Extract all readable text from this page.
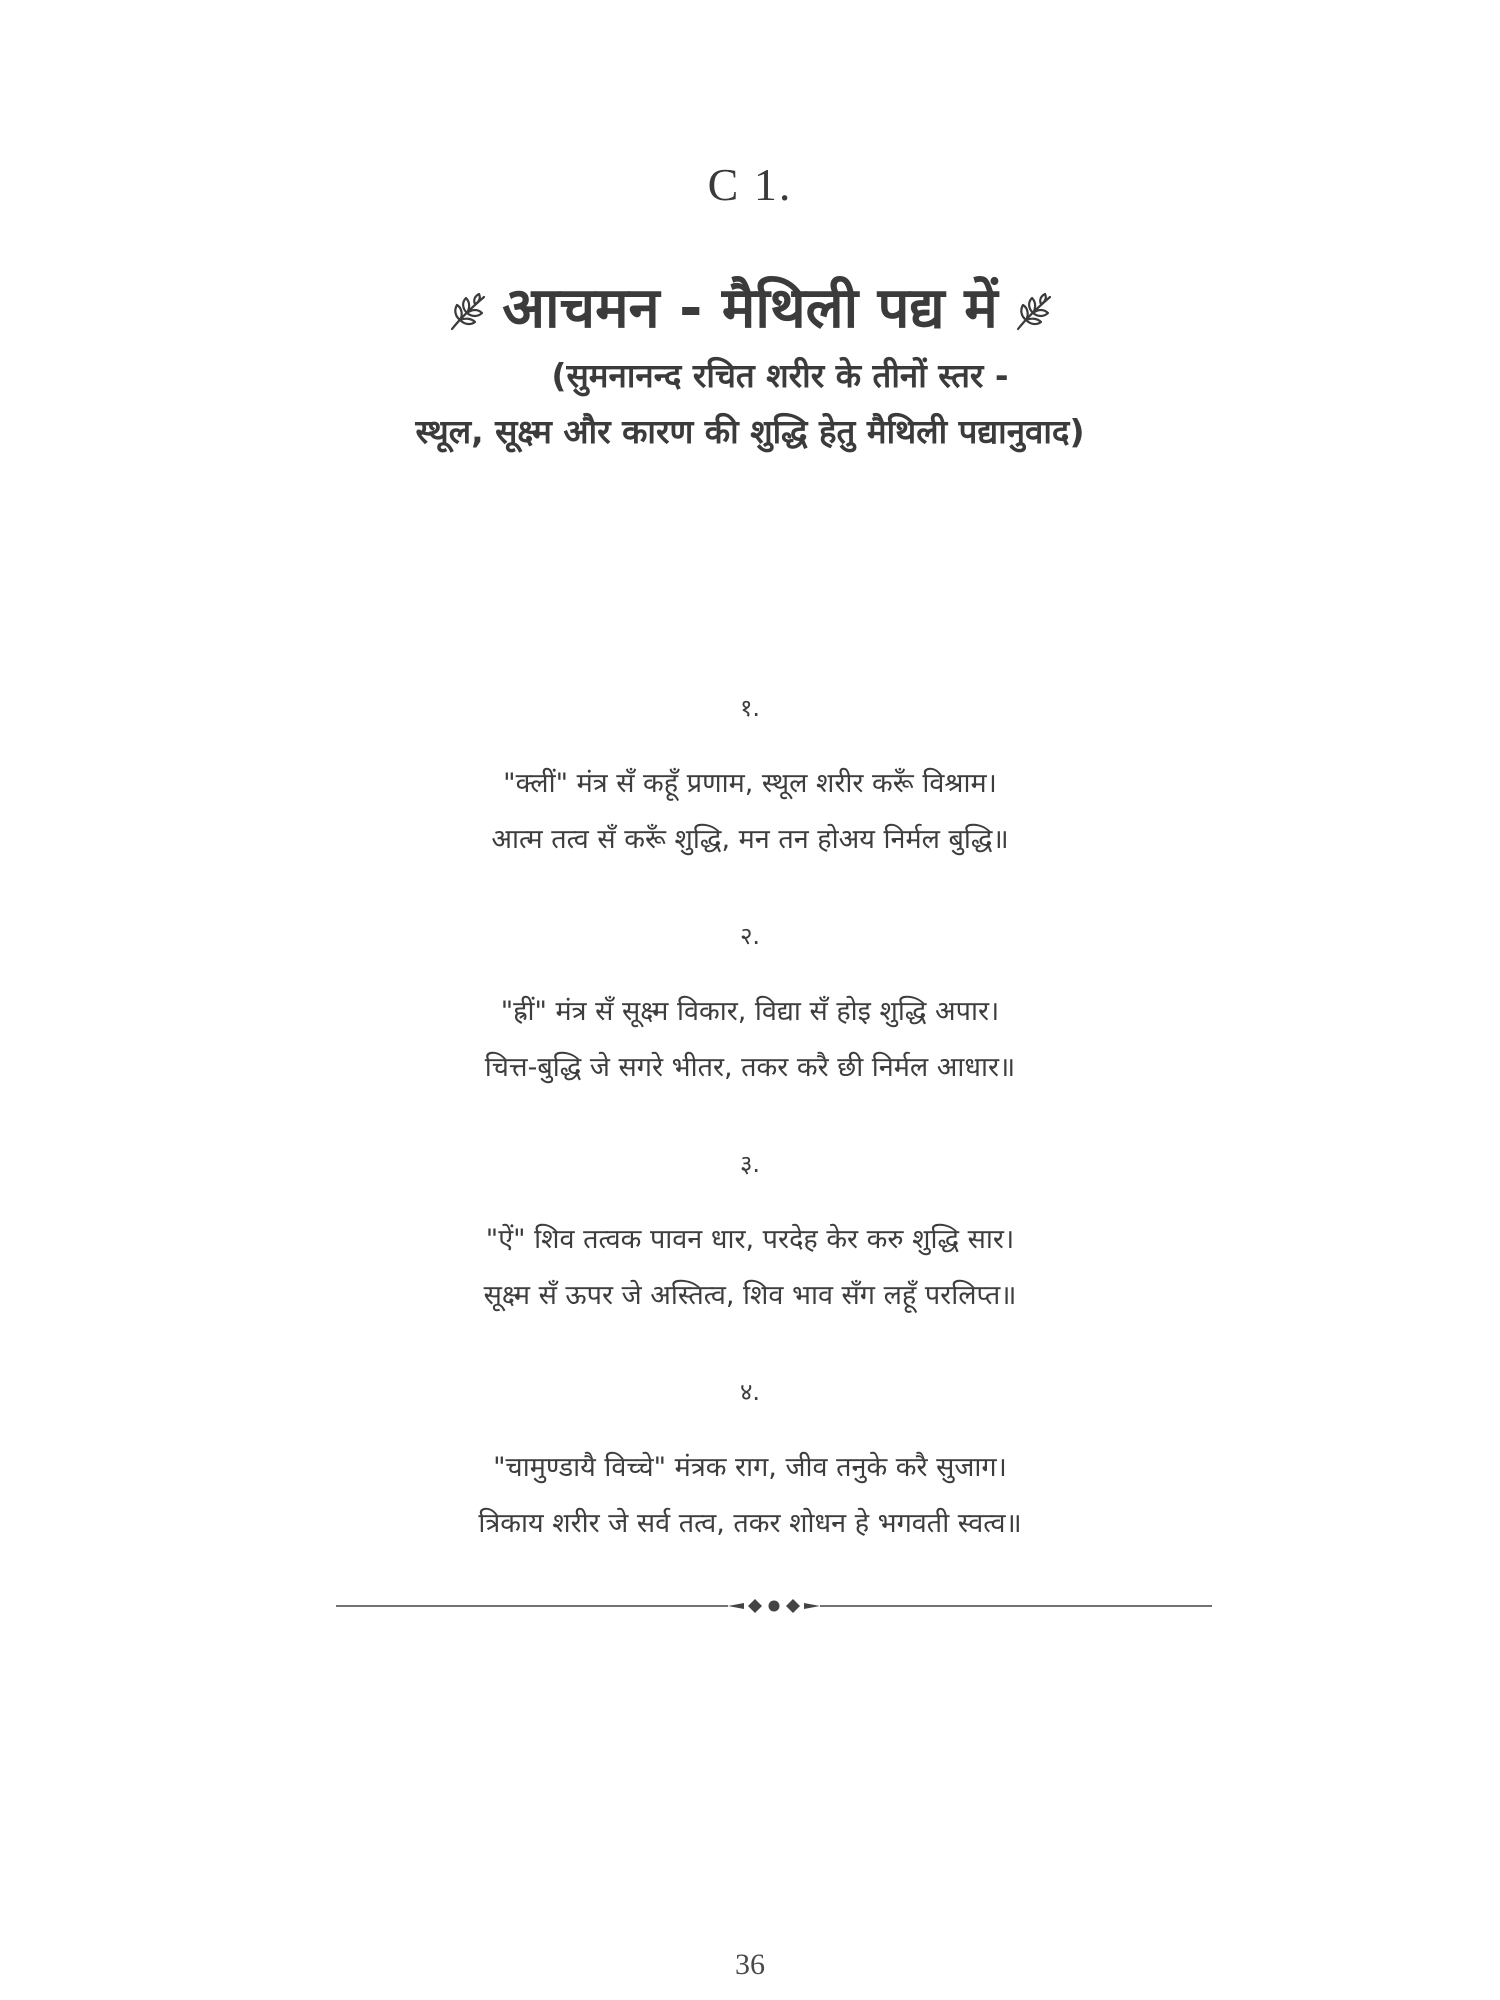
C 1.
आचमन - मैथिली पद्य में
(सुमनानन्द रचित शरीर के तीनों स्तर -
स्थूल, सूक्ष्म और कारण की शुद्धि हेतु मैथिली पद्यानुवाद)
१.
"क्लीं" मंत्र सँ कहूँ प्रणाम, स्थूल शरीर करूँ विश्राम।
आत्म तत्व सँ करूँ शुद्धि, मन तन होअय निर्मल बुद्धि॥
२.
"ह्रीं" मंत्र सँ सूक्ष्म विकार, विद्या सँ होइ शुद्धि अपार।
चित्त-बुद्धि जे सगरे भीतर, तकर करै छी निर्मल आधार॥
३.
"ऐं" शिव तत्वक पावन धार, परदेह केर करु शुद्धि सार।
सूक्ष्म सँ ऊपर जे अस्तित्व, शिव भाव सँग लहूँ परलिप्त॥
४.
"चामुण्डायै विच्चे" मंत्रक राग, जीव तनुके करै सुजाग।
त्रिकाय शरीर जे सर्व तत्व, तकर शोधन हे भगवती स्वत्व॥
36
